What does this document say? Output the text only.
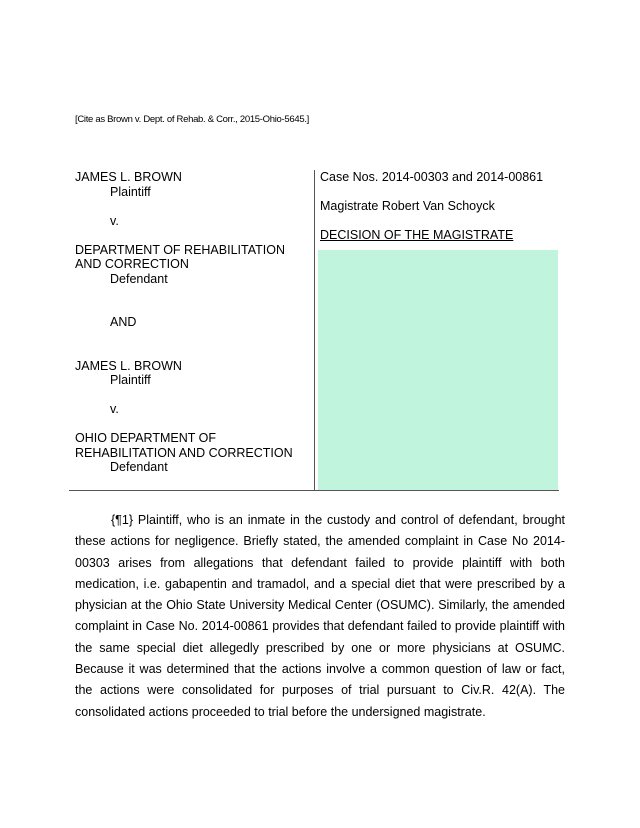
[Cite as Brown v. Dept. of Rehab. & Corr., 2015-Ohio-5645.]
JAMES L. BROWN
Plaintiff
v.
DEPARTMENT OF REHABILITATION
AND CORRECTION
Defendant
AND
JAMES L. BROWN
Plaintiff
v.
OHIO DEPARTMENT OF
REHABILITATION AND CORRECTION
Defendant
Case Nos. 2014-00303 and 2014-00861
Magistrate Robert Van Schoyck
DECISION OF THE MAGISTRATE

{¶1} Plaintiff, who is an inmate in the custody and control of defendant, brought these actions for negligence. Briefly stated, the amended complaint in Case No 2014-00303 arises from allegations that defendant failed to provide plaintiff with both medication, i.e. gabapentin and tramadol, and a special diet that were prescribed by a physician at the Ohio State University Medical Center (OSUMC). Similarly, the amended complaint in Case No. 2014-00861 provides that defendant failed to provide plaintiff with the same special diet allegedly prescribed by one or more physicians at OSUMC. Because it was determined that the actions involve a common question of law or fact, the actions were consolidated for purposes of trial pursuant to Civ.R. 42(A). The consolidated actions proceeded to trial before the undersigned magistrate.
